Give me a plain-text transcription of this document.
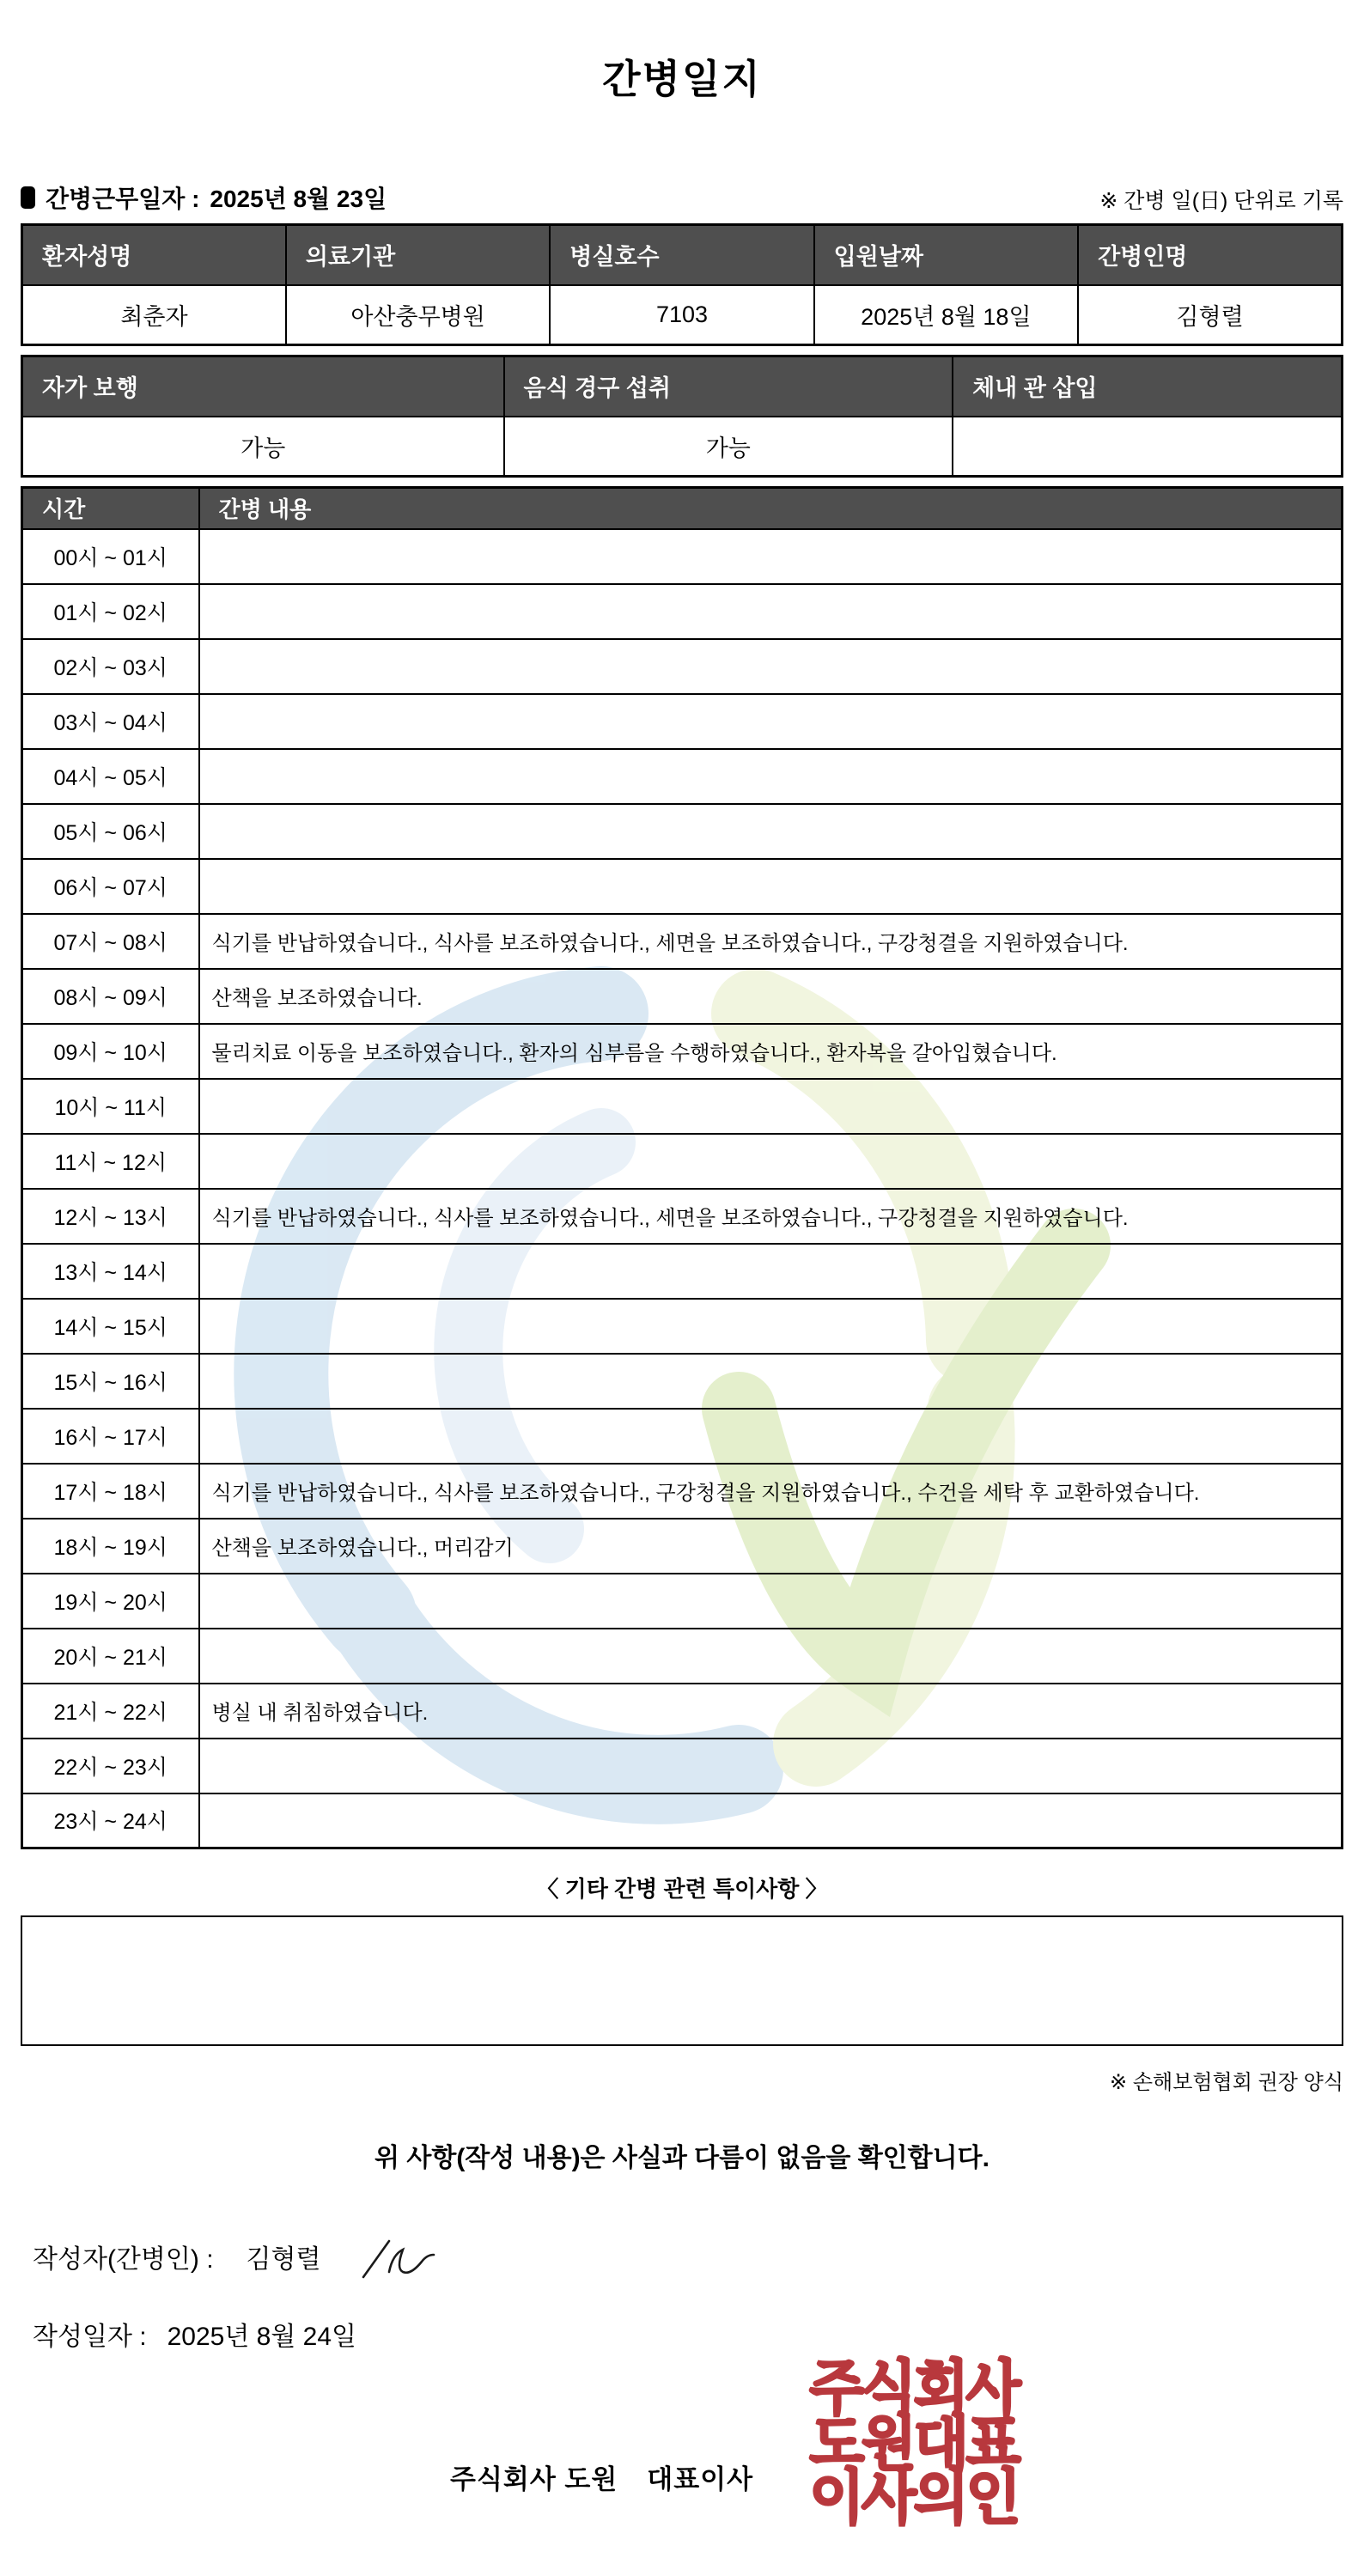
간병일지
간병근무일자 : 2025년 8월 23일	※ 간병 일(日) 단위로 기록
환자성명	의료기관	병실호수	입원날짜	간병인명
최춘자	아산충무병원	7103	2025년 8월 18일	김형렬
자가 보행	음식 경구 섭취	체내 관 삽입
가능	가능	
시간	간병 내용
00시 ~ 01시	
01시 ~ 02시	
02시 ~ 03시	
03시 ~ 04시	
04시 ~ 05시	
05시 ~ 06시	
06시 ~ 07시	
07시 ~ 08시	식기를 반납하였습니다., 식사를 보조하였습니다., 세면을 보조하였습니다., 구강청결을 지원하였습니다.
08시 ~ 09시	산책을 보조하였습니다.
09시 ~ 10시	물리치료 이동을 보조하였습니다., 환자의 심부름을 수행하였습니다., 환자복을 갈아입혔습니다.
10시 ~ 11시	
11시 ~ 12시	
12시 ~ 13시	식기를 반납하였습니다., 식사를 보조하였습니다., 세면을 보조하였습니다., 구강청결을 지원하였습니다.
13시 ~ 14시	
14시 ~ 15시	
15시 ~ 16시	
16시 ~ 17시	
17시 ~ 18시	식기를 반납하였습니다., 식사를 보조하였습니다., 구강청결을 지원하였습니다., 수건을 세탁 후 교환하였습니다.
18시 ~ 19시	산책을 보조하였습니다., 머리감기
19시 ~ 20시	
20시 ~ 21시	
21시 ~ 22시	병실 내 취침하였습니다.
22시 ~ 23시	
23시 ~ 24시	
〈 기타 간병 관련 특이사항 〉
※ 손해보험협회 권장 양식
위 사항(작성 내용)은 사실과 다름이 없음을 확인합니다.
작성자(간병인) : 김형렬
작성일자 : 2025년 8월 24일
주식회사 도원 대표이사
주식회사
도원대표
이사의인
